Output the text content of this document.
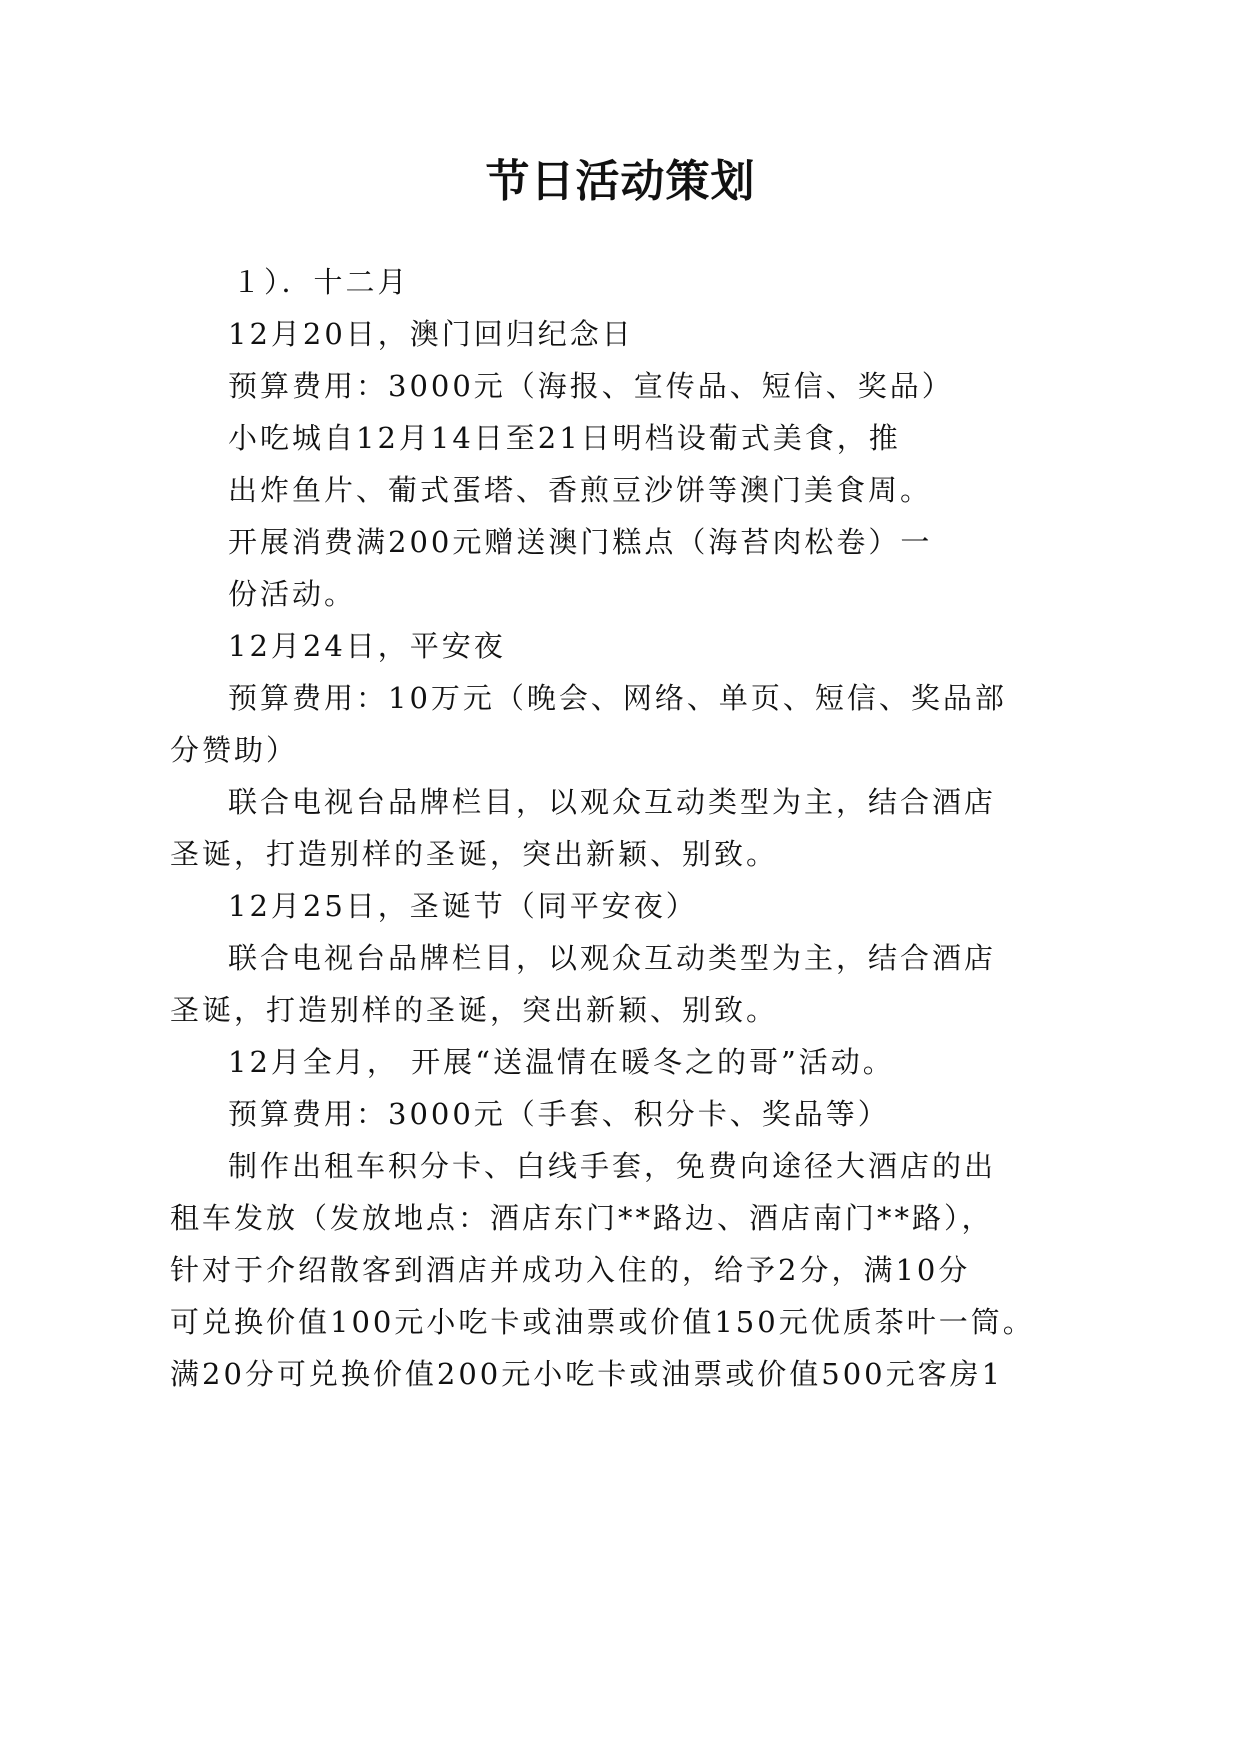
节日活动策划
１）．十二月
12月20日，澳门回归纪念日
预算费用：3000元（海报、宣传品、短信、奖品）
小吃城自12月14日至21日明档设葡式美食，推
出炸鱼片、葡式蛋塔、香煎豆沙饼等澳门美食周。
开展消费满200元赠送澳门糕点（海苔肉松卷）一
份活动。
12月24日，平安夜
预算费用：10万元（晚会、网络、单页、短信、奖品部
分赞助）
联合电视台品牌栏目，以观众互动类型为主，结合酒店
圣诞，打造别样的圣诞，突出新颖、别致。
12月25日，圣诞节（同平安夜）
联合电视台品牌栏目，以观众互动类型为主，结合酒店
圣诞，打造别样的圣诞，突出新颖、别致。
12月全月， 开展“送温情在暖冬之的哥”活动。
预算费用：3000元（手套、积分卡、奖品等）
制作出租车积分卡、白线手套，免费向途径大酒店的出
租车发放（发放地点：酒店东门**路边、酒店南门**路），
针对于介绍散客到酒店并成功入住的，给予2分，满10分
可兑换价值100元小吃卡或油票或价值150元优质茶叶一筒。
满20分可兑换价值200元小吃卡或油票或价值500元客房1
